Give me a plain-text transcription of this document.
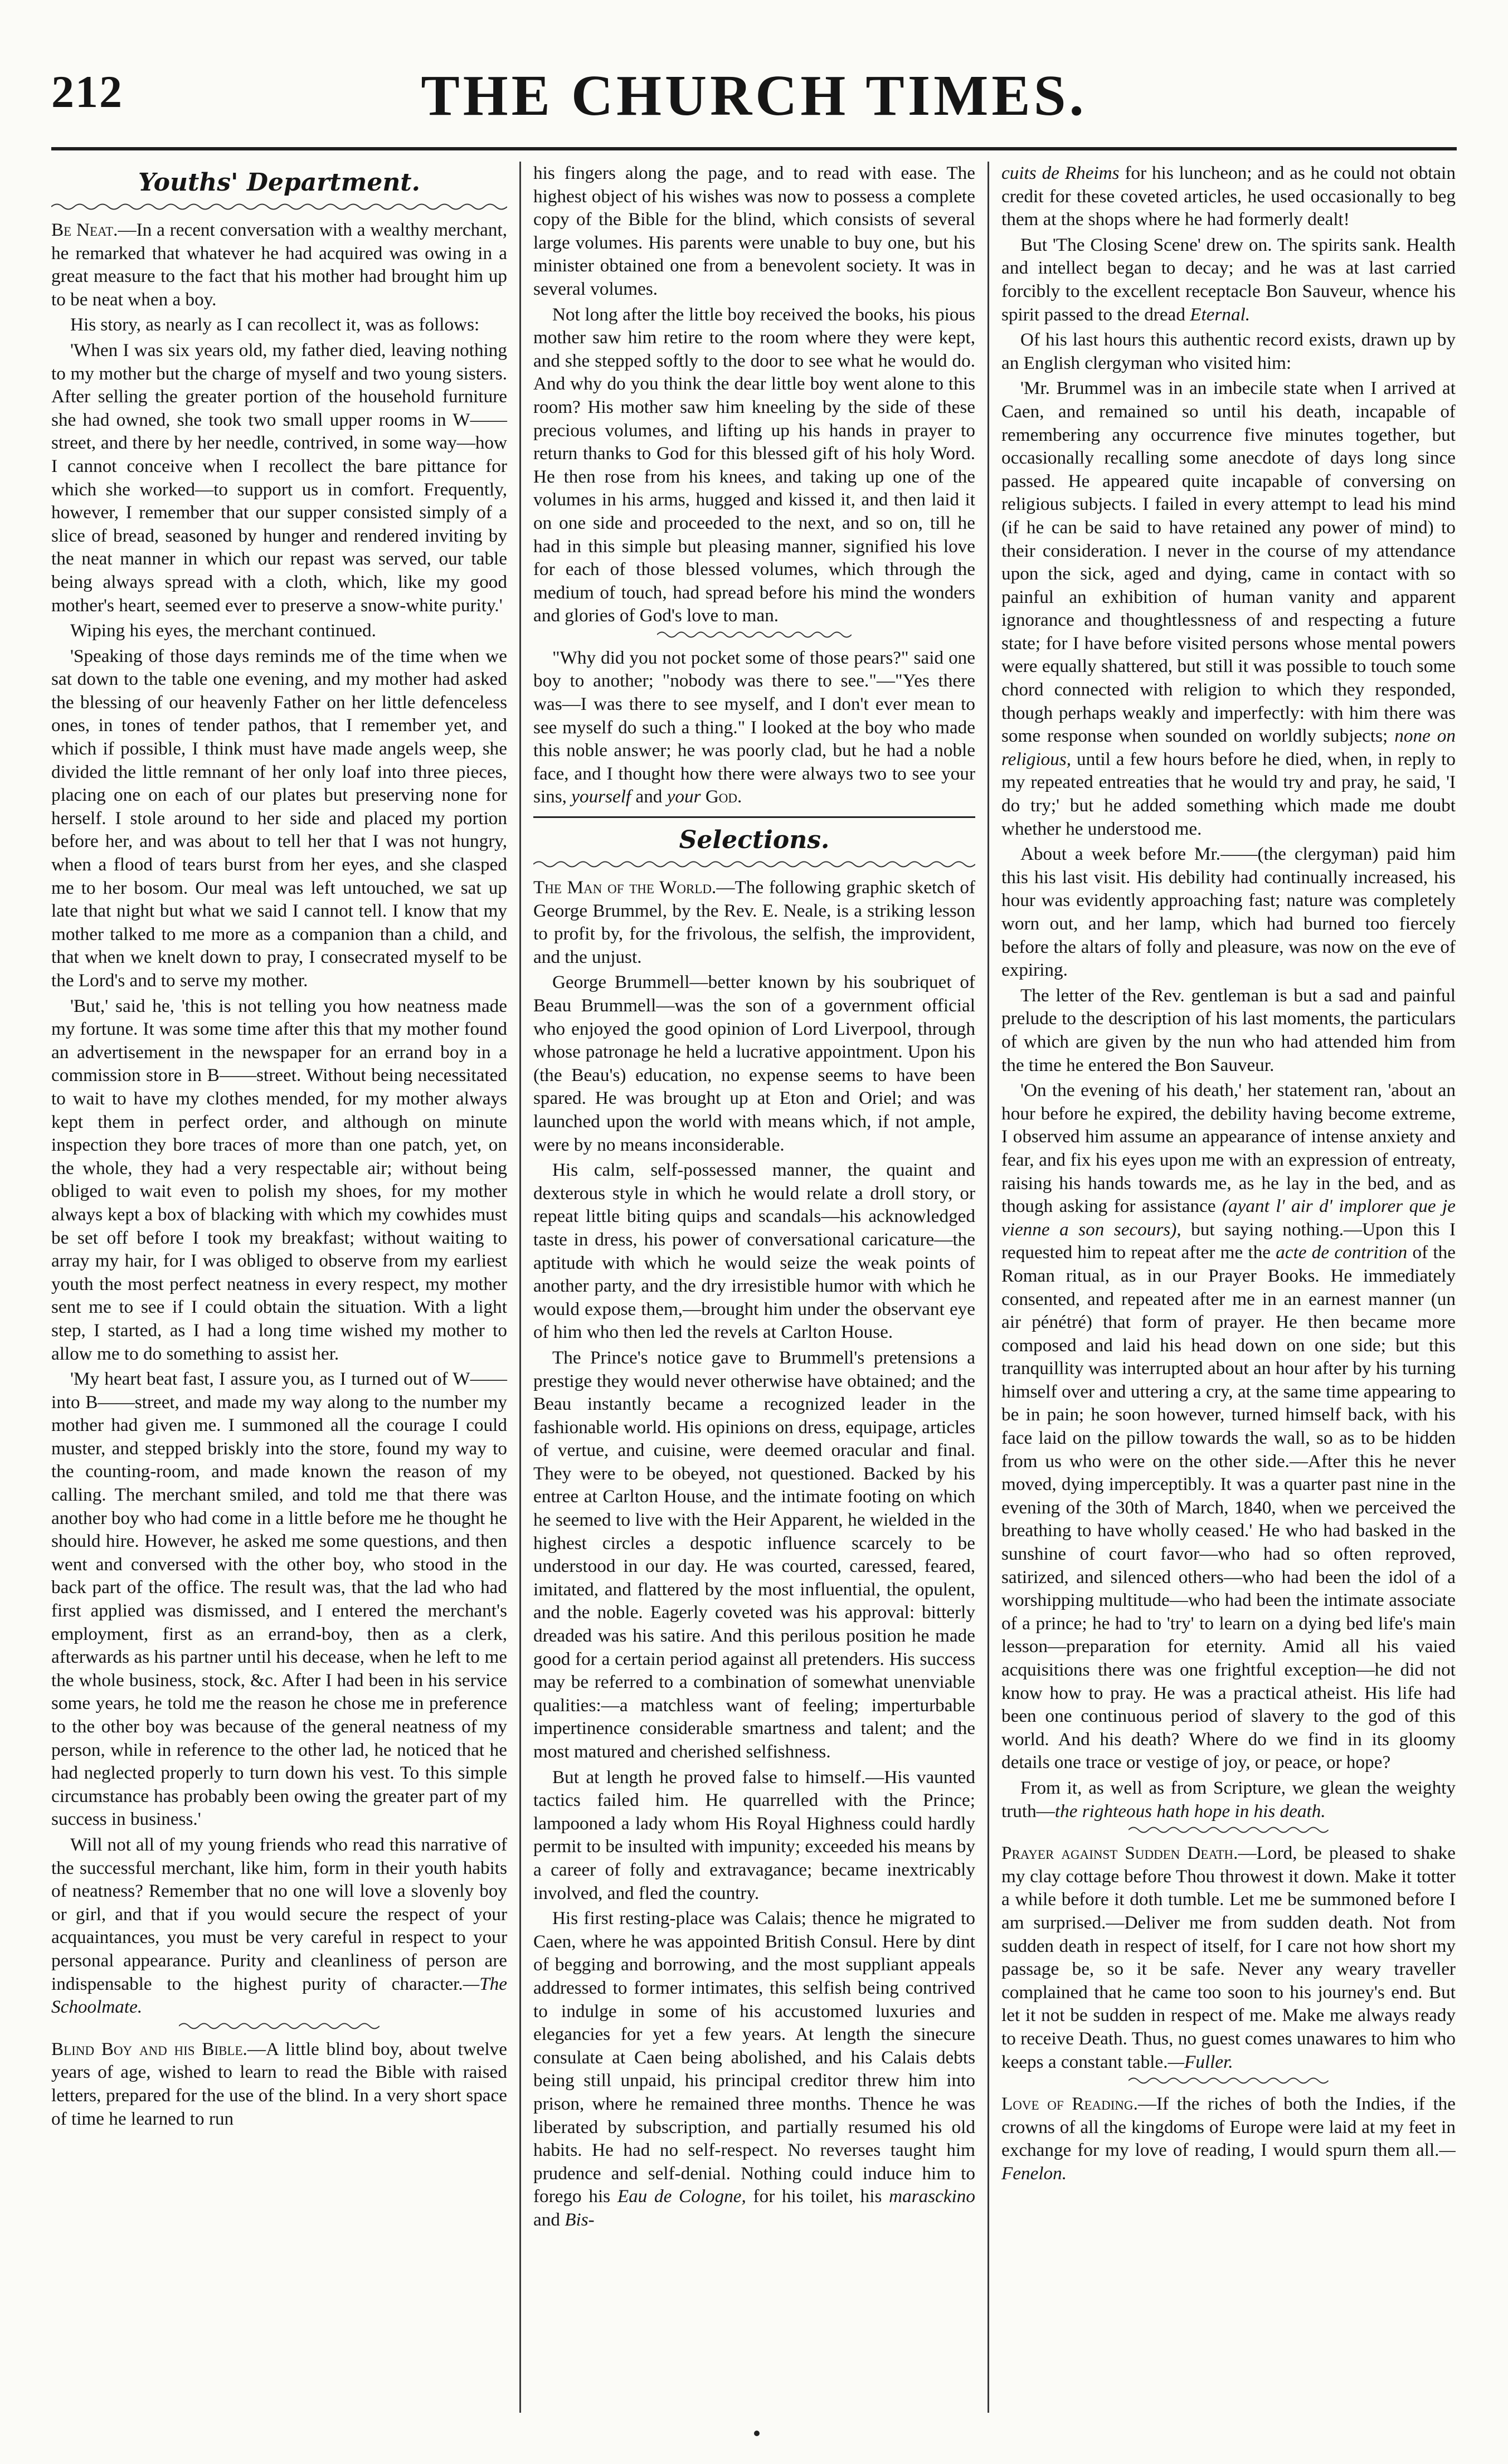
212	THE CHURCH TIMES.
Youths' Department.

Be Neat.—In a recent conversation with a wealthy merchant, he remarked that whatever he had acquired was owing in a great measure to the fact that his mother had brought him up to be neat when a boy.

His story, as nearly as I can recollect it, was as follows:

'When I was six years old, my father died, leaving nothing to my mother but the charge of myself and two young sisters. After selling the greater portion of the household furniture she had owned, she took two small upper rooms in W——street, and there by her needle, contrived, in some way—how I cannot conceive when I recollect the bare pittance for which she worked—to support us in comfort. Frequently, however, I remember that our supper consisted simply of a slice of bread, seasoned by hunger and rendered inviting by the neat manner in which our repast was served, our table being always spread with a cloth, which, like my good mother's heart, seemed ever to preserve a snow-white purity.'

Wiping his eyes, the merchant continued.

'Speaking of those days reminds me of the time when we sat down to the table one evening, and my mother had asked the blessing of our heavenly Father on her little defenceless ones, in tones of tender pathos, that I remember yet, and which if possible, I think must have made angels weep, she divided the little remnant of her only loaf into three pieces, placing one on each of our plates but preserving none for herself. I stole around to her side and placed my portion before her, and was about to tell her that I was not hungry, when a flood of tears burst from her eyes, and she clasped me to her bosom. Our meal was left untouched, we sat up late that night but what we said I cannot tell. I know that my mother talked to me more as a companion than a child, and that when we knelt down to pray, I consecrated myself to be the Lord's and to serve my mother.

'But,' said he, 'this is not telling you how neatness made my fortune. It was some time after this that my mother found an advertisement in the newspaper for an errand boy in a commission store in B——street. Without being necessitated to wait to have my clothes mended, for my mother always kept them in perfect order, and although on minute inspection they bore traces of more than one patch, yet, on the whole, they had a very respectable air; without being obliged to wait even to polish my shoes, for my mother always kept a box of blacking with which my cowhides must be set off before I took my breakfast; without waiting to array my hair, for I was obliged to observe from my earliest youth the most perfect neatness in every respect, my mother sent me to see if I could obtain the situation. With a light step, I started, as I had a long time wished my mother to allow me to do something to assist her.

'My heart beat fast, I assure you, as I turned out of W——into B——street, and made my way along to the number my mother had given me. I summoned all the courage I could muster, and stepped briskly into the store, found my way to the counting-room, and made known the reason of my calling. The merchant smiled, and told me that there was another boy who had come in a little before me he thought he should hire. However, he asked me some questions, and then went and conversed with the other boy, who stood in the back part of the office. The result was, that the lad who had first applied was dismissed, and I entered the merchant's employment, first as an errand-boy, then as a clerk, afterwards as his partner until his decease, when he left to me the whole business, stock, &c. After I had been in his service some years, he told me the reason he chose me in preference to the other boy was because of the general neatness of my person, while in reference to the other lad, he noticed that he had neglected properly to turn down his vest. To this simple circumstance has probably been owing the greater part of my success in business.'

Will not all of my young friends who read this narrative of the successful merchant, like him, form in their youth habits of neatness? Remember that no one will love a slovenly boy or girl, and that if you would secure the respect of your acquaintances, you must be very careful in respect to your personal appearance. Purity and cleanliness of person are indispensable to the highest purity of character.—The Schoolmate.

Blind Boy and his Bible.—A little blind boy, about twelve years of age, wished to learn to read the Bible with raised letters, prepared for the use of the blind. In a very short space of time he learned to run

his fingers along the page, and to read with ease. The highest object of his wishes was now to possess a complete copy of the Bible for the blind, which consists of several large volumes. His parents were unable to buy one, but his minister obtained one from a benevolent society. It was in several volumes.

Not long after the little boy received the books, his pious mother saw him retire to the room where they were kept, and she stepped softly to the door to see what he would do. And why do you think the dear little boy went alone to this room? His mother saw him kneeling by the side of these precious volumes, and lifting up his hands in prayer to return thanks to God for this blessed gift of his holy Word. He then rose from his knees, and taking up one of the volumes in his arms, hugged and kissed it, and then laid it on one side and proceeded to the next, and so on, till he had in this simple but pleasing manner, signified his love for each of those blessed volumes, which through the medium of touch, had spread before his mind the wonders and glories of God's love to man.

"Why did you not pocket some of those pears?" said one boy to another; "nobody was there to see."—"Yes there was—I was there to see myself, and I don't ever mean to see myself do such a thing." I looked at the boy who made this noble answer; he was poorly clad, but he had a noble face, and I thought how there were always two to see your sins, yourself and your God.

Selections.

The Man of the World.—The following graphic sketch of George Brummel, by the Rev. E. Neale, is a striking lesson to profit by, for the frivolous, the selfish, the improvident, and the unjust.

George Brummell—better known by his soubriquet of Beau Brummell—was the son of a government official who enjoyed the good opinion of Lord Liverpool, through whose patronage he held a lucrative appointment. Upon his (the Beau's) education, no expense seems to have been spared. He was brought up at Eton and Oriel; and was launched upon the world with means which, if not ample, were by no means inconsiderable.

His calm, self-possessed manner, the quaint and dexterous style in which he would relate a droll story, or repeat little biting quips and scandals—his acknowledged taste in dress, his power of conversational caricature—the aptitude with which he would seize the weak points of another party, and the dry irresistible humor with which he would expose them,—brought him under the observant eye of him who then led the revels at Carlton House.

The Prince's notice gave to Brummell's pretensions a prestige they would never otherwise have obtained; and the Beau instantly became a recognized leader in the fashionable world. His opinions on dress, equipage, articles of vertue, and cuisine, were deemed oracular and final. They were to be obeyed, not questioned. Backed by his entree at Carlton House, and the intimate footing on which he seemed to live with the Heir Apparent, he wielded in the highest circles a despotic influence scarcely to be understood in our day. He was courted, caressed, feared, imitated, and flattered by the most influential, the opulent, and the noble. Eagerly coveted was his approval: bitterly dreaded was his satire. And this perilous position he made good for a certain period against all pretenders. His success may be referred to a combination of somewhat unenviable qualities:—a matchless want of feeling; imperturbable impertinence considerable smartness and talent; and the most matured and cherished selfishness.

But at length he proved false to himself.—His vaunted tactics failed him. He quarrelled with the Prince; lampooned a lady whom His Royal Highness could hardly permit to be insulted with impunity; exceeded his means by a career of folly and extravagance; became inextricably involved, and fled the country.

His first resting-place was Calais; thence he migrated to Caen, where he was appointed British Consul. Here by dint of begging and borrowing, and the most suppliant appeals addressed to former intimates, this selfish being contrived to indulge in some of his accustomed luxuries and elegancies for yet a few years. At length the sinecure consulate at Caen being abolished, and his Calais debts being still unpaid, his principal creditor threw him into prison, where he remained three months. Thence he was liberated by subscription, and partially resumed his old habits. He had no self-respect. No reverses taught him prudence and self-denial. Nothing could induce him to forego his Eau de Cologne, for his toilet, his marasckino and Bis-

cuits de Rheims for his luncheon; and as he could not obtain credit for these coveted articles, he used occasionally to beg them at the shops where he had formerly dealt!

But 'The Closing Scene' drew on. The spirits sank. Health and intellect began to decay; and he was at last carried forcibly to the excellent receptacle Bon Sauveur, whence his spirit passed to the dread Eternal.

Of his last hours this authentic record exists, drawn up by an English clergyman who visited him:

'Mr. Brummel was in an imbecile state when I arrived at Caen, and remained so until his death, incapable of remembering any occurrence five minutes together, but occasionally recalling some anecdote of days long since passed. He appeared quite incapable of conversing on religious subjects. I failed in every attempt to lead his mind (if he can be said to have retained any power of mind) to their consideration. I never in the course of my attendance upon the sick, aged and dying, came in contact with so painful an exhibition of human vanity and apparent ignorance and thoughtlessness of and respecting a future state; for I have before visited persons whose mental powers were equally shattered, but still it was possible to touch some chord connected with religion to which they responded, though perhaps weakly and imperfectly: with him there was some response when sounded on worldly subjects; none on religious, until a few hours before he died, when, in reply to my repeated entreaties that he would try and pray, he said, 'I do try;' but he added something which made me doubt whether he understood me.

About a week before Mr.——(the clergyman) paid him this his last visit. His debility had continually increased, his hour was evidently approaching fast; nature was completely worn out, and her lamp, which had burned too fiercely before the altars of folly and pleasure, was now on the eve of expiring.

The letter of the Rev. gentleman is but a sad and painful prelude to the description of his last moments, the particulars of which are given by the nun who had attended him from the time he entered the Bon Sauveur.

'On the evening of his death,' her statement ran, 'about an hour before he expired, the debility having become extreme, I observed him assume an appearance of intense anxiety and fear, and fix his eyes upon me with an expression of entreaty, raising his hands towards me, as he lay in the bed, and as though asking for assistance (ayant l' air d' implorer que je vienne a son secours), but saying nothing.—Upon this I requested him to repeat after me the acte de contrition of the Roman ritual, as in our Prayer Books. He immediately consented, and repeated after me in an earnest manner (un air pénétré) that form of prayer. He then became more composed and laid his head down on one side; but this tranquillity was interrupted about an hour after by his turning himself over and uttering a cry, at the same time appearing to be in pain; he soon however, turned himself back, with his face laid on the pillow towards the wall, so as to be hidden from us who were on the other side.—After this he never moved, dying imperceptibly. It was a quarter past nine in the evening of the 30th of March, 1840, when we perceived the breathing to have wholly ceased.' He who had basked in the sunshine of court favor—who had so often reproved, satirized, and silenced others—who had been the idol of a worshipping multitude—who had been the intimate associate of a prince; he had to 'try' to learn on a dying bed life's main lesson—preparation for eternity. Amid all his vaied acquisitions there was one frightful exception—he did not know how to pray. He was a practical atheist. His life had been one continuous period of slavery to the god of this world. And his death? Where do we find in its gloomy details one trace or vestige of joy, or peace, or hope?

From it, as well as from Scripture, we glean the weighty truth—the righteous hath hope in his death.

Prayer against Sudden Death.—Lord, be pleased to shake my clay cottage before Thou throwest it down. Make it totter a while before it doth tumble. Let me be summoned before I am surprised.—Deliver me from sudden death. Not from sudden death in respect of itself, for I care not how short my passage be, so it be safe. Never any weary traveller complained that he came too soon to his journey's end. But let it not be sudden in respect of me. Make me always ready to receive Death. Thus, no guest comes unawares to him who keeps a constant table.—Fuller.

Love of Reading.—If the riches of both the Indies, if the crowns of all the kingdoms of Europe were laid at my feet in exchange for my love of reading, I would spurn them all.—Fenelon.
